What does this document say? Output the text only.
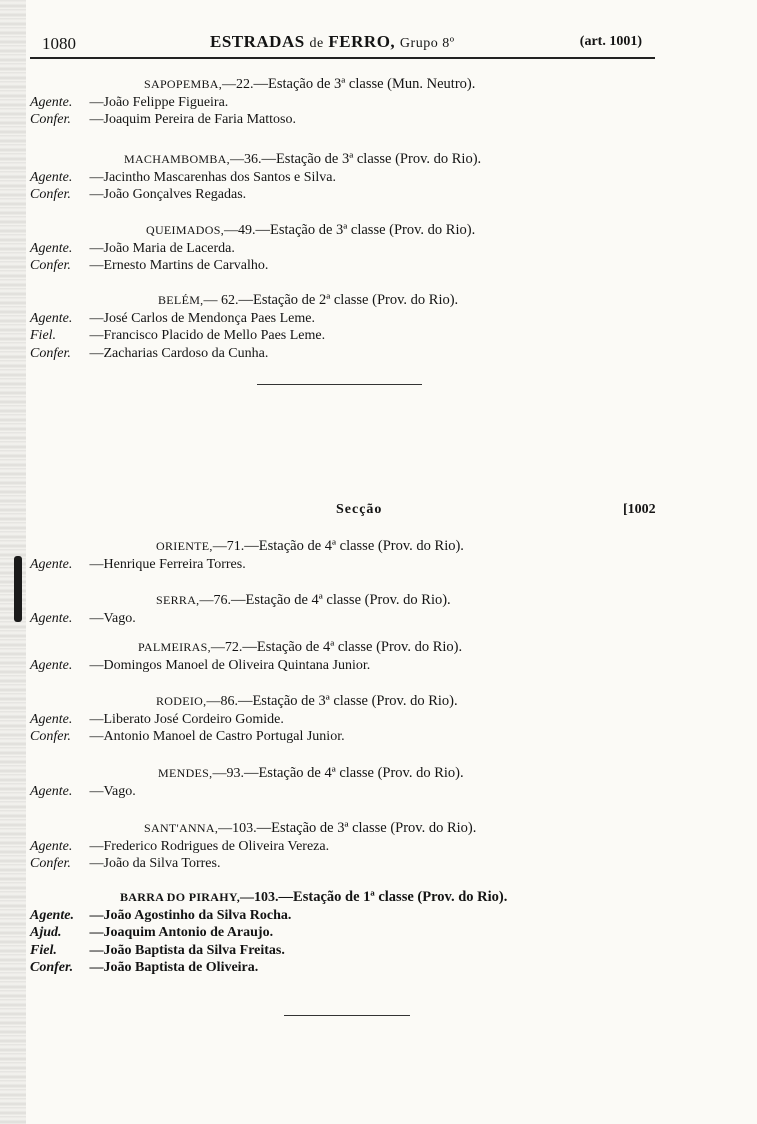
1080	ESTRADAS de FERRO, Grupo 8º	(art. 1001)
SAPOPEMBA,—22.—Estação de 3ª classe (Mun. Neutro).
Agente. —João Felippe Figueira.
Confer. —Joaquim Pereira de Faria Mattoso.
MACHAMBOMBA,—36.—Estação de 3ª classe (Prov. do Rio).
Agente. —Jacintho Mascarenhas dos Santos e Silva.
Confer. —João Gonçalves Regadas.
QUEIMADOS,—49.—Estação de 3ª classe (Prov. do Rio).
Agente. —João Maria de Lacerda.
Confer. —Ernesto Martins de Carvalho.
BELÉM,— 62.—Estação de 2ª classe (Prov. do Rio).
Agente. —José Carlos de Mendonça Paes Leme.
Fiel. —Francisco Placido de Mello Paes Leme.
Confer. —Zacharias Cardoso da Cunha.
Secção	[1002
ORIENTE,—71.—Estação de 4ª classe (Prov. do Rio).
Agente. —Henrique Ferreira Torres.
SERRA,—76.—Estação de 4ª classe (Prov. do Rio).
Agente. —Vago.
PALMEIRAS,—72.—Estação de 4ª classe (Prov. do Rio).
Agente. —Domingos Manoel de Oliveira Quintana Junior.
RODEIO,—86.—Estação de 3ª classe (Prov. do Rio).
Agente. —Liberato José Cordeiro Gomide.
Confer. —Antonio Manoel de Castro Portugal Junior.
MENDES,—93.—Estação de 4ª classe (Prov. do Rio).
Agente. —Vago.
SANT'ANNA,—103.—Estação de 3ª classe (Prov. do Rio).
Agente. —Frederico Rodrigues de Oliveira Vereza.
Confer. —João da Silva Torres.
BARRA DO PIRAHY,—103.—Estação de 1ª classe (Prov. do Rio).
Agente. —João Agostinho da Silva Rocha.
Ajud. —Joaquim Antonio de Araujo.
Fiel. —João Baptista da Silva Freitas.
Confer. —João Baptista de Oliveira.
